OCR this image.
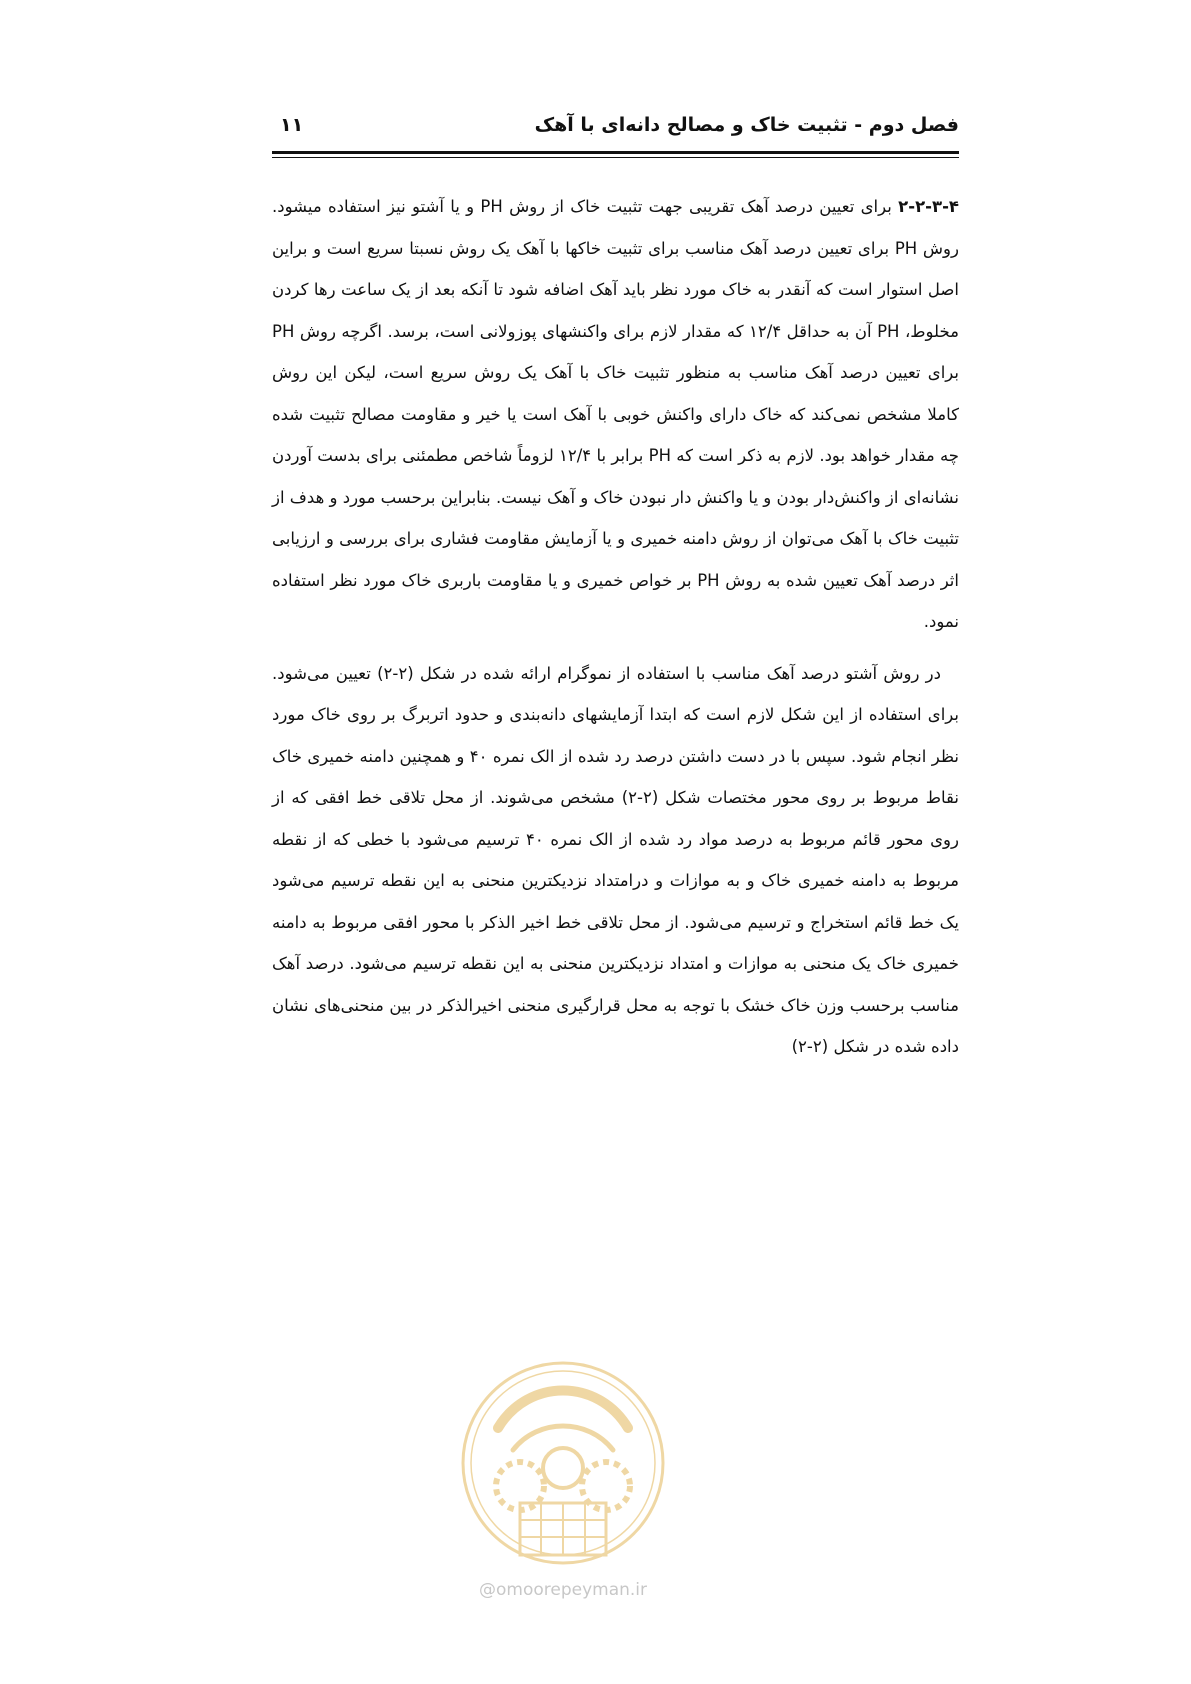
فصل دوم - تثبیت خاک و مصالح دانه‌ای با آهک
۱۱

۲-۲-۳-۴ برای تعیین درصد آهک تقریبی جهت تثبیت خاک از روش PH و یا آشتو نیز استفاده میشود. روش PH برای تعیین درصد آهک مناسب برای تثبیت خاکها با آهک یک روش نسبتا سریع است و براین اصل استوار است که آنقدر به خاک مورد نظر باید آهک اضافه شود تا آنکه بعد از یک ساعت رها کردن مخلوط، PH آن به حداقل ۱۲/۴ که مقدار لازم برای واکنشهای پوزولانی است، برسد. اگرچه روش PH برای تعیین درصد آهک مناسب به منظور تثبیت خاک با آهک یک روش سریع است، لیکن این روش کاملا مشخص نمی‌کند که خاک دارای واکنش خوبی با آهک است یا خیر و مقاومت مصالح تثبیت شده چه مقدار خواهد بود. لازم به ذکر است که PH برابر با ۱۲/۴ لزوماً شاخص مطمئنی برای بدست آوردن نشانه‌ای از واکنش‌دار بودن و یا واکنش دار نبودن خاک و آهک نیست. بنابراین برحسب مورد و هدف از تثبیت خاک با آهک می‌توان از روش دامنه خمیری و یا آزمایش مقاومت فشاری برای بررسی و ارزیابی اثر درصد آهک تعیین شده به روش PH بر خواص خمیری و یا مقاومت باربری خاک مورد نظر استفاده نمود.

در روش آشتو درصد آهک مناسب با استفاده از نموگرام ارائه شده در شکل (۲-۲) تعیین می‌شود. برای استفاده از این شکل لازم است که ابتدا آزمایشهای دانه‌بندی و حدود اتربرگ بر روی خاک مورد نظر انجام شود. سپس با در دست داشتن درصد رد شده از الک نمره ۴۰ و همچنین دامنه خمیری خاک نقاط مربوط بر روی محور مختصات شکل (۲-۲) مشخص می‌شوند. از محل تلاقی خط افقی که از روی محور قائم مربوط به درصد مواد رد شده از الک نمره ۴۰ ترسیم می‌شود با خطی که از نقطه مربوط به دامنه خمیری خاک و به موازات و درامتداد نزدیکترین منحنی به این نقطه ترسیم می‌شود یک خط قائم استخراج و ترسیم می‌شود. از محل تلاقی خط اخیر الذکر با محور افقی مربوط به دامنه خمیری خاک یک منحنی به موازات و امتداد نزدیکترین منحنی به این نقطه ترسیم می‌شود. درصد آهک مناسب برحسب وزن خاک خشک با توجه به محل قرارگیری منحنی اخیرالذکر در بین منحنی‌های نشان داده شده در شکل (۲-۲)

@omoorepeyman.ir
